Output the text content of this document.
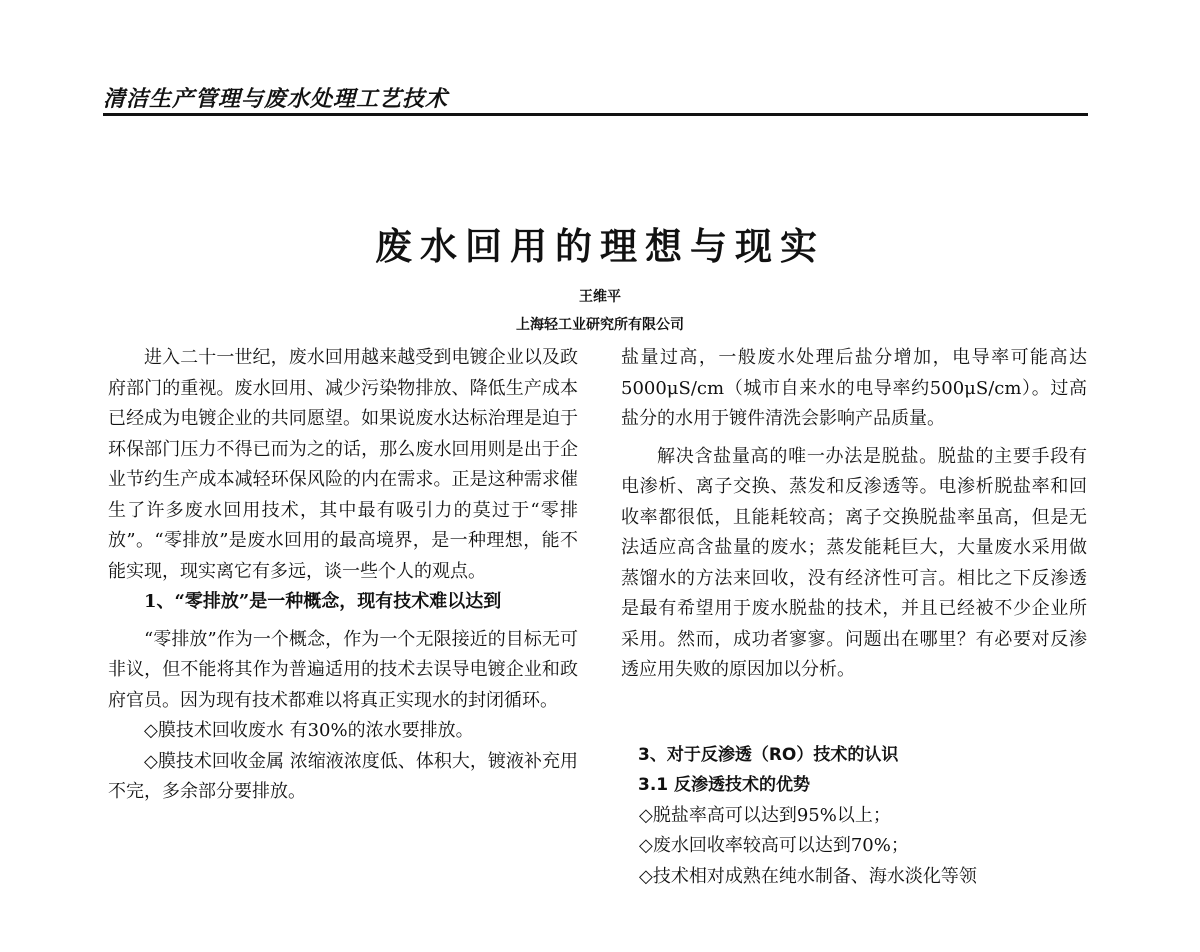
清洁生产管理与废水处理工艺技术
废水回用的理想与现实
王维平
上海轻工业研究所有限公司

进入二十一世纪，废水回用越来越受到电镀企业以及政府部门的重视。废水回用、减少污染物排放、降低生产成本已经成为电镀企业的共同愿望。如果说废水达标治理是迫于环保部门压力不得已而为之的话，那么废水回用则是出于企业节约生产成本减轻环保风险的内在需求。正是这种需求催生了许多废水回用技术，其中最有吸引力的莫过于“零排放”。“零排放”是废水回用的最高境界，是一种理想，能不能实现，现实离它有多远，谈一些个人的观点。

1、“零排放”是一种概念，现有技术难以达到

“零排放”作为一个概念，作为一个无限接近的目标无可非议，但不能将其作为普遍适用的技术去误导电镀企业和政府官员。因为现有技术都难以将真正实现水的封闭循环。

◇膜技术回收废水 有30%的浓水要排放。

◇膜技术回收金属 浓缩液浓度低、体积大，镀液补充用不完，多余部分要排放。

盐量过高，一般废水处理后盐分增加，电导率可能高达5000μS/cm（城市自来水的电导率约500μS/cm）。过高盐分的水用于镀件清洗会影响产品质量。

解决含盐量高的唯一办法是脱盐。脱盐的主要手段有电渗析、离子交换、蒸发和反渗透等。电渗析脱盐率和回收率都很低，且能耗较高；离子交换脱盐率虽高，但是无法适应高含盐量的废水；蒸发能耗巨大，大量废水采用做蒸馏水的方法来回收，没有经济性可言。相比之下反渗透是最有希望用于废水脱盐的技术，并且已经被不少企业所采用。然而，成功者寥寥。问题出在哪里？有必要对反渗透应用失败的原因加以分析。

3、对于反渗透（RO）技术的认识

3.1 反渗透技术的优势

◇脱盐率高可以达到95%以上；

◇废水回收率较高可以达到70%；

◇技术相对成熟在纯水制备、海水淡化等领
